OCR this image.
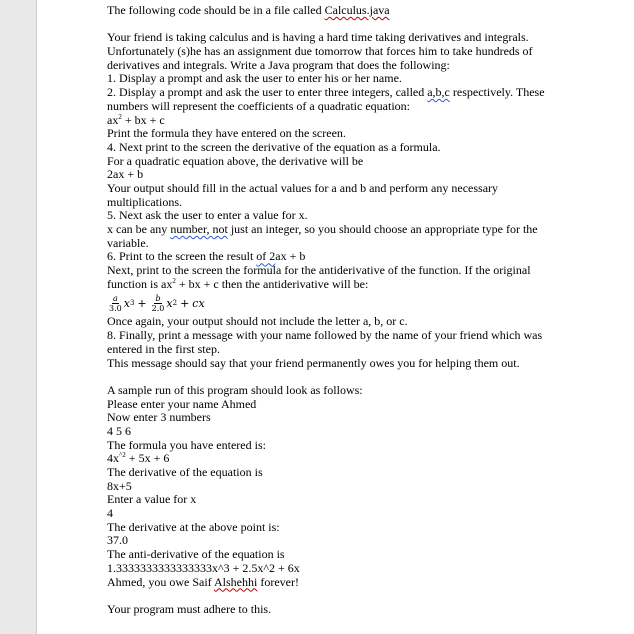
The following code should be in a file called Calculus.java
Your friend is taking calculus and is having a hard time taking derivatives and integrals.
Unfortunately (s)he has an assignment due tomorrow that forces him to take hundreds of
derivatives and integrals. Write a Java program that does the following:
1. Display a prompt and ask the user to enter his or her name.
2. Display a prompt and ask the user to enter three integers, called a,b,c respectively. These
numbers will represent the coefficients of a quadratic equation:
$ax^2$ + bx + c
Print the formula they have entered on the screen.
4. Next print to the screen the derivative of the equation as a formula.
For a quadratic equation above, the derivative will be
2ax + b
Your output should fill in the actual values for a and b and perform any necessary
multiplications.
5. Next ask the user to enter a value for x.
x can be any number, not just an integer, so you should choose an appropriate type for the
variable.
6. Print to the screen the result of 2ax + b
Next, print to the screen the formula for the antiderivative of the function. If the original
function is $ax^2$ + bx + c then the antiderivative will be:
$\frac{a}{3.0}$ x $3 + \frac{b}{2.0}$ x 2 + cx
Once again, your output should not include the letter a, b, or c.
8. Finally, print a message with your name followed by the name of your friend which was
entered in the first step.
This message should say that your friend permanently owes you for helping them out.
A sample run of this program should look as follows:
Please enter your name Ahmed
Now enter 3 numbers
4 5 6
The formula you have entered is:
$4x^{\^{}2} + 5x + 6$
The derivative of the equation is
8x+5
Enter a value for x
4
The derivative at the above point is:
37.0
The anti-derivative of the equation is
1.3333333333333333x^3 + 2.5x^2 + 6x
Ahmed, you owe Saif Alshehhi forever!
Your program must adhere to this.
